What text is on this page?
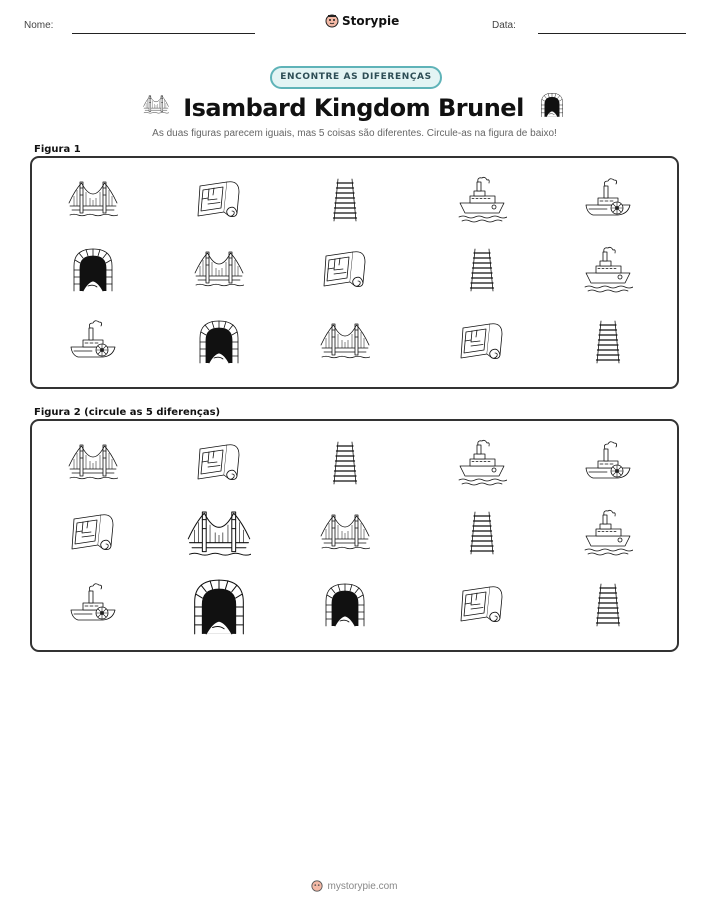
Nome:	Storypie	Data:
ENCONTRE AS DIFERENÇAS
Isambard Kingdom Brunel
As duas figuras parecem iguais, mas 5 coisas são diferentes. Circule-as na figura de baixo!
Figura 1
Figura 2 (circule as 5 diferenças)
mystorypie.com
